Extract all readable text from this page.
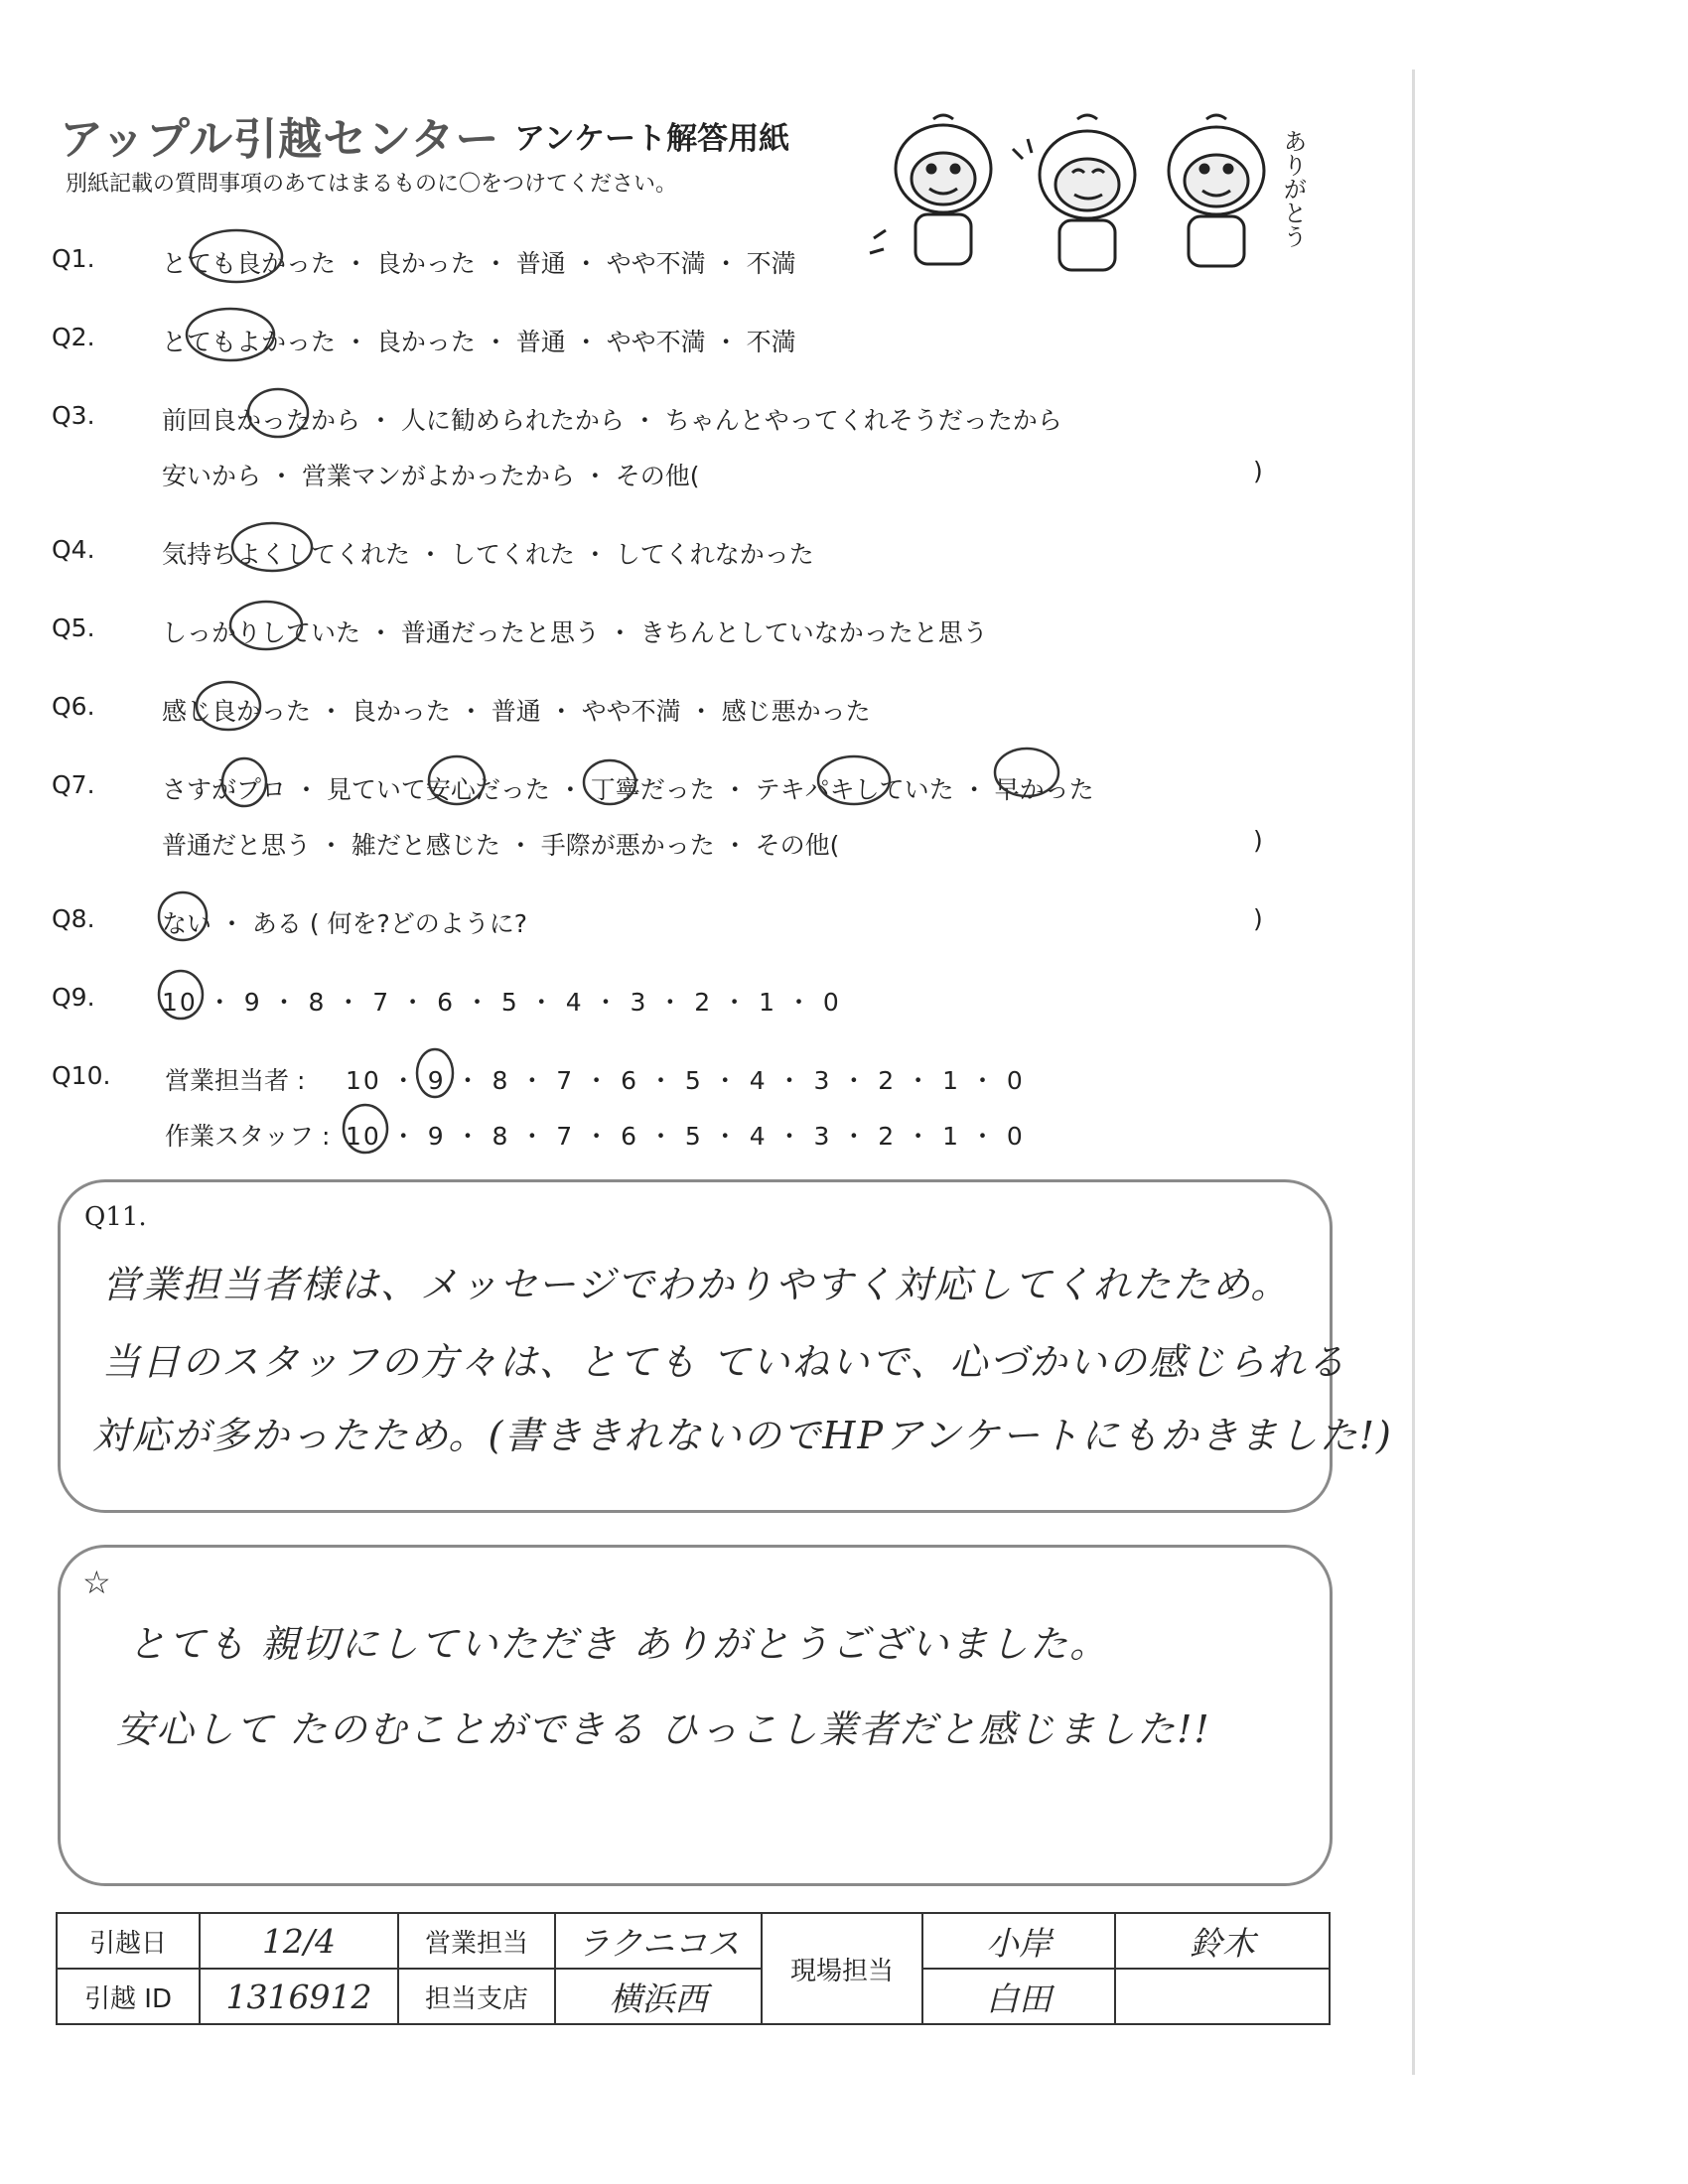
アップル引越センター アンケート解答用紙
別紙記載の質問事項のあてはまるものに〇をつけてください。	ありがとう
Q1.	とても良かった ・ 良かった ・ 普通 ・ やや不満 ・ 不満
Q2.	とてもよかった ・ 良かった ・ 普通 ・ やや不満 ・ 不満
Q3.	前回良かったから ・ 人に勧められたから ・ ちゃんとやってくれそうだったから
安いから ・ 営業マンがよかったから ・ その他(	)
Q4.	気持ちよくしてくれた ・ してくれた ・ してくれなかった
Q5.	しっかりしていた ・ 普通だったと思う ・ きちんとしていなかったと思う
Q6.	感じ良かった ・ 良かった ・ 普通 ・ やや不満 ・ 感じ悪かった
Q7.	さすがプロ ・ 見ていて安心だった ・ 丁寧だった ・ テキパキしていた ・ 早かった
普通だと思う ・ 雑だと感じた ・ 手際が悪かった ・ その他(	)
Q8.	ない ・ ある ( 何を?どのように?	)
Q9.	10 ・ 9 ・ 8 ・ 7 ・ 6 ・ 5 ・ 4 ・ 3 ・ 2 ・ 1 ・ 0
Q10. 営業担当者 : 10 ・ 9 ・ 8 ・ 7 ・ 6 ・ 5 ・ 4 ・ 3 ・ 2 ・ 1 ・ 0
作業スタッフ : 10 ・ 9 ・ 8 ・ 7 ・ 6 ・ 5 ・ 4 ・ 3 ・ 2 ・ 1 ・ 0
Q11.
営業担当者様は、メッセージでわかりやすく対応してくれたため。
当日のスタッフの方々は、とても ていねいで、心づかいの感じられる
対応が多かったため。(書ききれないのでHPアンケートにもかきました!)
☆
とても 親切にしていただき ありがとうございました。
安心して たのむことができる ひっこし業者だと感じました!!
引越日	12/4	営業担当	ラクニコス	現場担当	小岸	鈴木
引越 ID	1316912	担当支店	横浜西		白田	
